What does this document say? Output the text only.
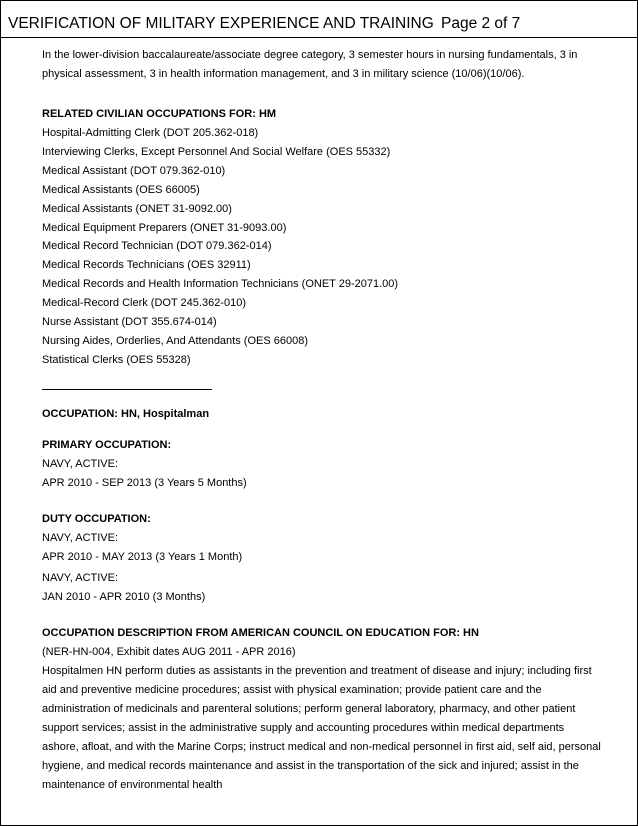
VERIFICATION OF MILITARY EXPERIENCE AND TRAINING Page 2 of 7

In the lower-division baccalaureate/associate degree category, 3 semester hours in nursing fundamentals, 3 in physical assessment, 3 in health information management, and 3 in military science (10/06)(10/06).

RELATED CIVILIAN OCCUPATIONS FOR: HM

Hospital-Admitting Clerk (DOT 205.362-018)

Interviewing Clerks, Except Personnel And Social Welfare (OES 55332)

Medical Assistant (DOT 079.362-010)

Medical Assistants (OES 66005)

Medical Assistants (ONET 31-9092.00)

Medical Equipment Preparers (ONET 31-9093.00)

Medical Record Technician (DOT 079.362-014)

Medical Records Technicians (OES 32911)

Medical Records and Health Information Technicians (ONET 29-2071.00)

Medical-Record Clerk (DOT 245.362-010)

Nurse Assistant (DOT 355.674-014)

Nursing Aides, Orderlies, And Attendants (OES 66008)

Statistical Clerks (OES 55328)

OCCUPATION: HN, Hospitalman

PRIMARY OCCUPATION:

NAVY, ACTIVE:

APR 2010 - SEP 2013 (3 Years 5 Months)

DUTY OCCUPATION:

NAVY, ACTIVE:

APR 2010 - MAY 2013 (3 Years 1 Month)

NAVY, ACTIVE:

JAN 2010 - APR 2010 (3 Months)

OCCUPATION DESCRIPTION FROM AMERICAN COUNCIL ON EDUCATION FOR: HN

(NER-HN-004, Exhibit dates AUG 2011 - APR 2016)

Hospitalmen HN perform duties as assistants in the prevention and treatment of disease and injury; including first aid and preventive medicine procedures; assist with physical examination; provide patient care and the administration of medicinals and parenteral solutions; perform general laboratory, pharmacy, and other patient support services; assist in the administrative supply and accounting procedures within medical departments ashore, afloat, and with the Marine Corps; instruct medical and non-medical personnel in first aid, self aid, personal hygiene, and medical records maintenance and assist in the transportation of the sick and injured; assist in the maintenance of environmental health
